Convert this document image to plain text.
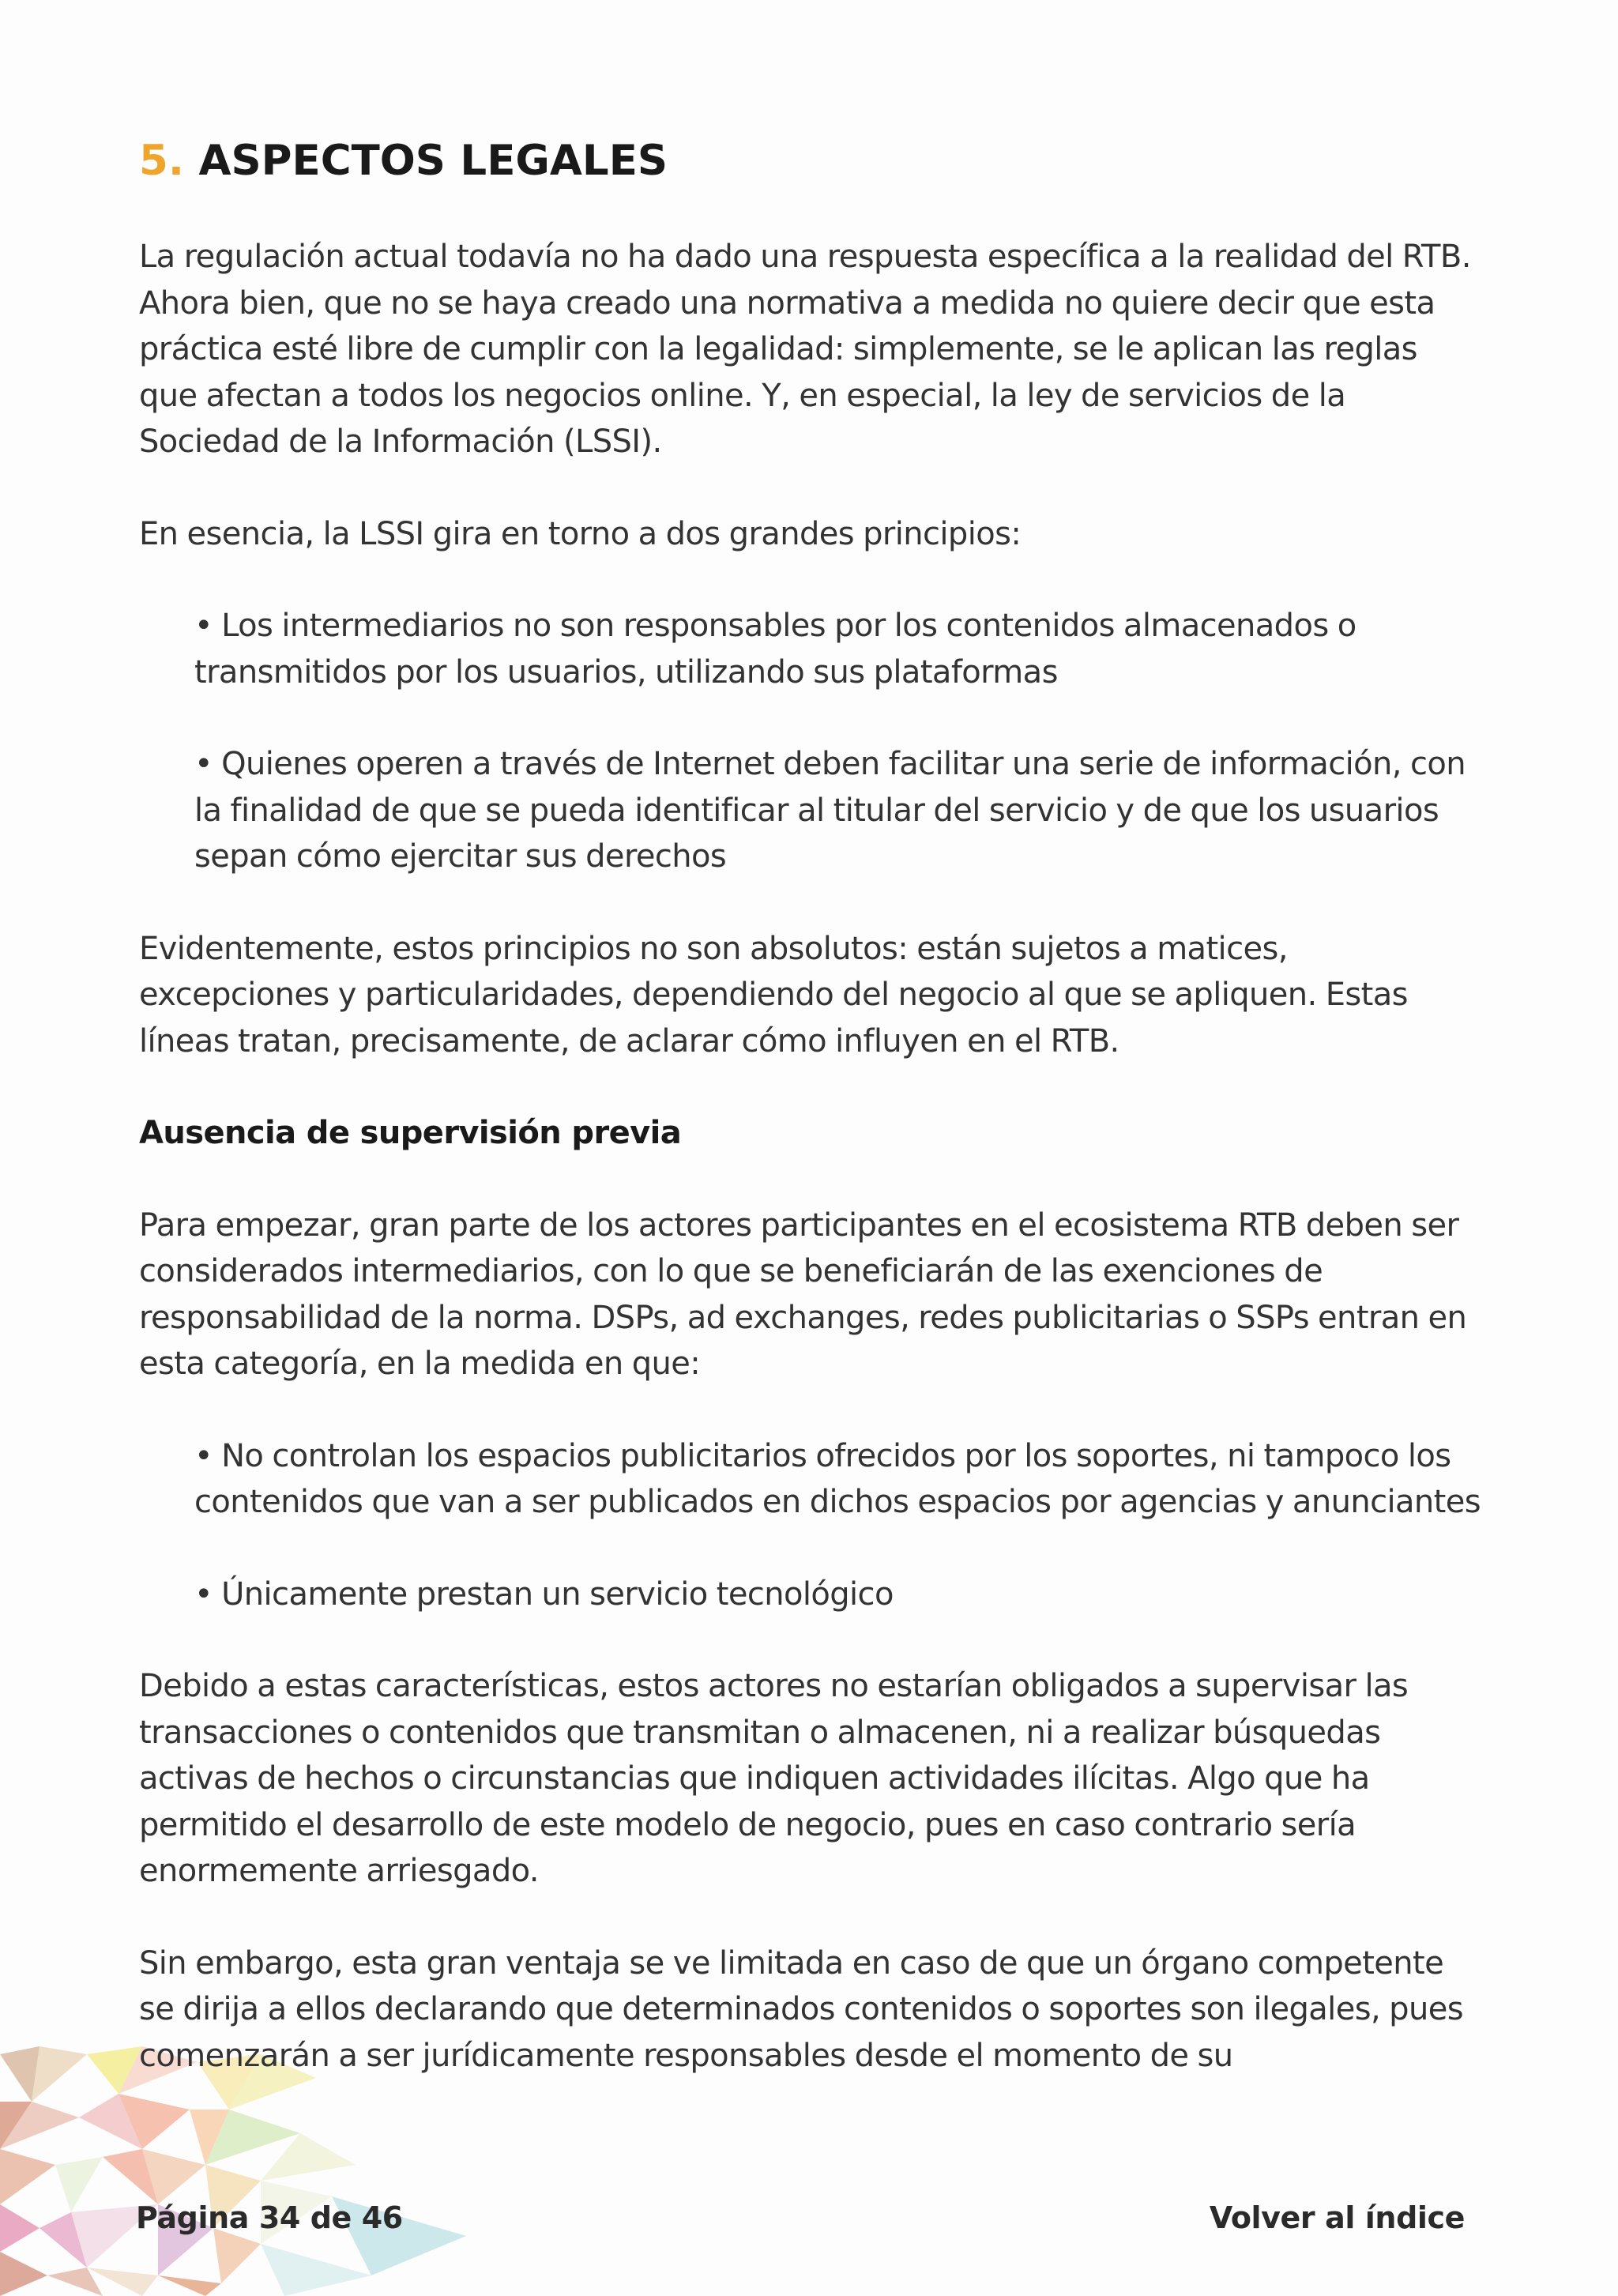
5. ASPECTOS LEGALES

La regulación actual todavía no ha dado una respuesta específica a la realidad del RTB. Ahora bien, que no se haya creado una normativa a medida no quiere decir que esta práctica esté libre de cumplir con la legalidad: simplemente, se le aplican las reglas que afectan a todos los negocios online. Y, en especial, la ley de servicios de la Sociedad de la Información (LSSI).

En esencia, la LSSI gira en torno a dos grandes principios:

• Los intermediarios no son responsables por los contenidos almacenados o transmitidos por los usuarios, utilizando sus plataformas

• Quienes operen a través de Internet deben facilitar una serie de información, con la finalidad de que se pueda identificar al titular del servicio y de que los usuarios sepan cómo ejercitar sus derechos

Evidentemente, estos principios no son absolutos: están sujetos a matices, excepciones y particularidades, dependiendo del negocio al que se apliquen. Estas líneas tratan, precisamente, de aclarar cómo influyen en el RTB.

Ausencia de supervisión previa

Para empezar, gran parte de los actores participantes en el ecosistema RTB deben ser considerados intermediarios, con lo que se beneficiarán de las exenciones de responsabilidad de la norma. DSPs, ad exchanges, redes publicitarias o SSPs entran en esta categoría, en la medida en que:

• No controlan los espacios publicitarios ofrecidos por los soportes, ni tampoco los contenidos que van a ser publicados en dichos espacios por agencias y anunciantes

• Únicamente prestan un servicio tecnológico

Debido a estas características, estos actores no estarían obligados a supervisar las transacciones o contenidos que transmitan o almacenen, ni a realizar búsquedas activas de hechos o circunstancias que indiquen actividades ilícitas. Algo que ha permitido el desarrollo de este modelo de negocio, pues en caso contrario sería enormemente arriesgado.

Sin embargo, esta gran ventaja se ve limitada en caso de que un órgano competente se dirija a ellos declarando que determinados contenidos o soportes son ilegales, pues comenzarán a ser jurídicamente responsables desde el momento de su

Página 34 de 46	Volver al índice
